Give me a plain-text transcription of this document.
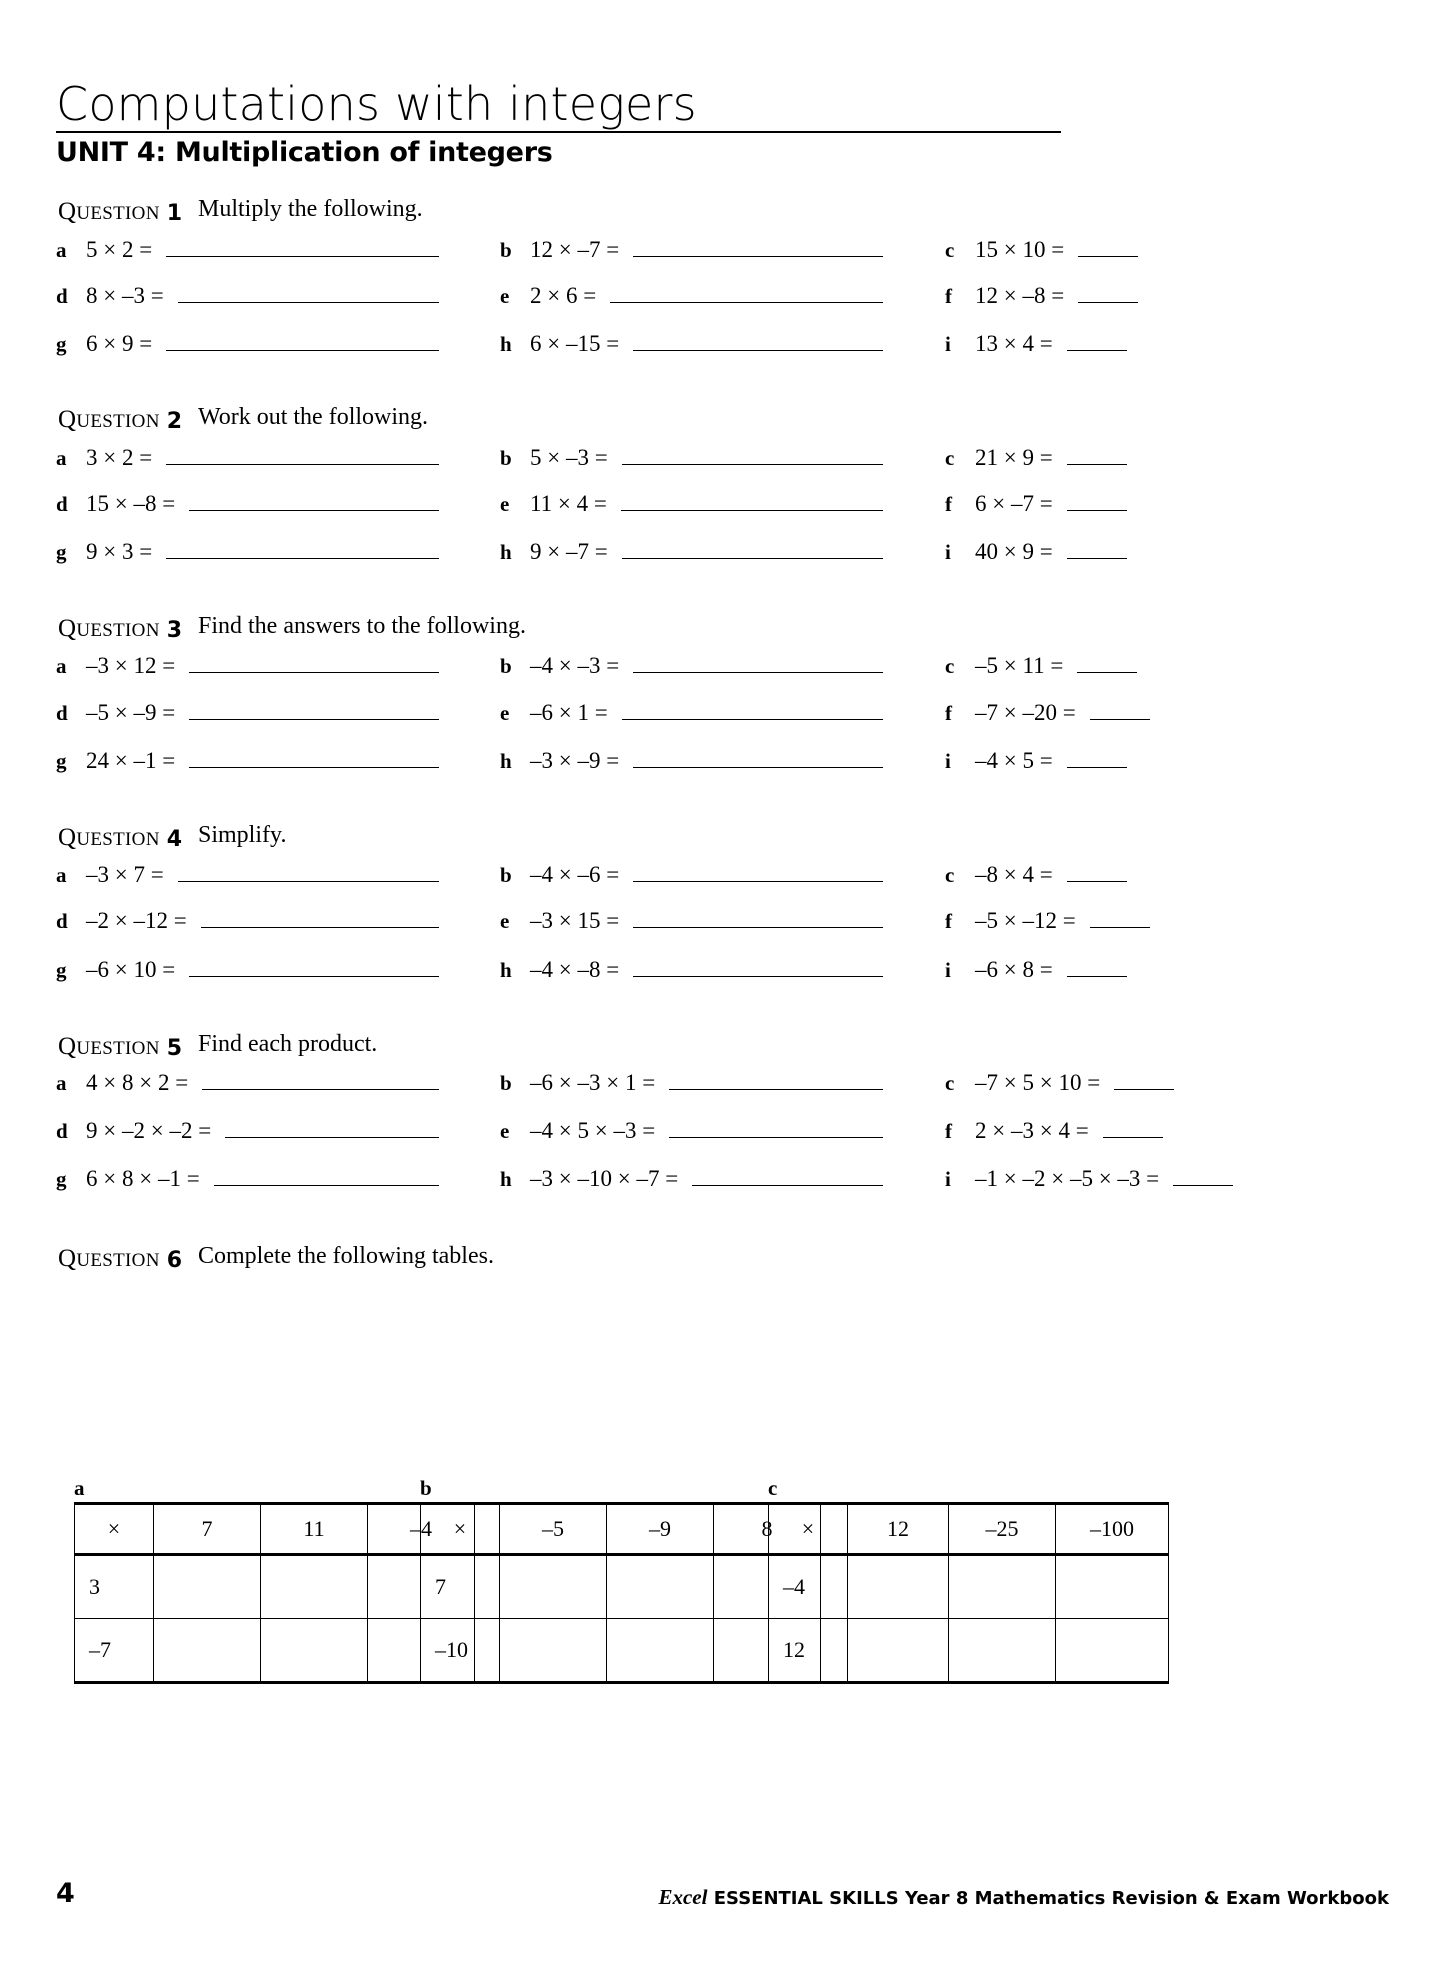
Computations with integers
UNIT 4: Multiplication of integers
QUESTION 1 Multiply the following.
a 5 × 2 =	b 12 × –7 =	c 15 × 10 =
d 8 × –3 =	e 2 × 6 =	f 12 × –8 =
g 6 × 9 =	h 6 × –15 =	i 13 × 4 =
QUESTION 2 Work out the following.
a 3 × 2 =	b 5 × –3 =	c 21 × 9 =
d 15 × –8 =	e 11 × 4 =	f 6 × –7 =
g 9 × 3 =	h 9 × –7 =	i 40 × 9 =
QUESTION 3 Find the answers to the following.
a –3 × 12 =	b –4 × –3 =	c –5 × 11 =
d –5 × –9 =	e –6 × 1 =	f –7 × –20 =
g 24 × –1 =	h –3 × –9 =	i –4 × 5 =
QUESTION 4 Simplify.
a –3 × 7 =	b –4 × –6 =	c –8 × 4 =
d –2 × –12 =	e –3 × 15 =	f –5 × –12 =
g –6 × 10 =	h –4 × –8 =	i –6 × 8 =
QUESTION 5 Find each product.
a 4 × 8 × 2 =	b –6 × –3 × 1 =	c –7 × 5 × 10 =
d 9 × –2 × –2 =	e –4 × 5 × –3 =	f 2 × –3 × 4 =
g 6 × 8 × –1 =	h –3 × –10 × –7 =	i –1 × –2 × –5 × –3 =
QUESTION 6 Complete the following tables.
a
×	7	11	–4
3			
–7			
b
×	–5	–9	8
7			
–10			
c
×	12	–25	–100
–4			
12			
4	Excel ESSENTIAL SKILLS Year 8 Mathematics Revision & Exam Workbook
